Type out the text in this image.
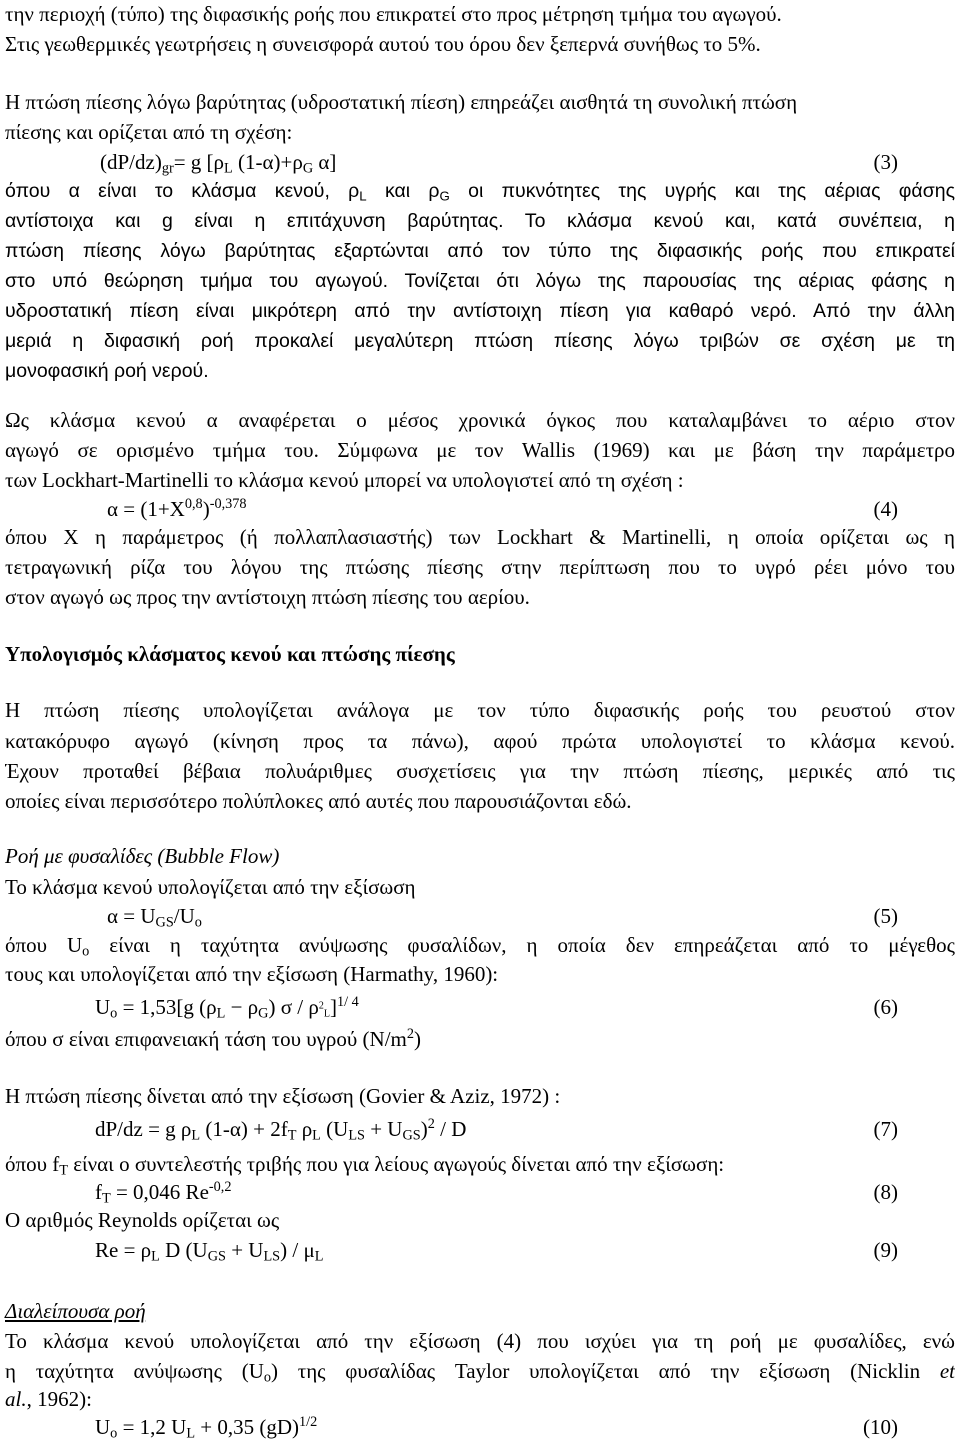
την περιοχή (τύπο) της διφασικής ροής που επικρατεί στο προς μέτρηση τμήμα του αγωγού.
Στις γεωθερμικές γεωτρήσεις η συνεισφορά αυτού του όρου δεν ξεπερνά συνήθως το 5%.
Η πτώση πίεσης λόγω βαρύτητας (υδροστατική πίεση) επηρεάζει αισθητά τη συνολική πτώση
πίεσης και ορίζεται από τη σχέση:
$(dP/dz)_{gr}= g$ [$\rho_L$ $(1-\alpha)+\rho_G$ α]	(3)
όπου α είναι το κλάσμα κενού, $\rho_L$ και $\rho_G$ οι πυκνότητες της υγρής και της αέριας φάσης
αντίστοιχα και g είναι η επιτάχυνση βαρύτητας. Το κλάσμα κενού και, κατά συνέπεια, η
πτώση πίεσης λόγω βαρύτητας εξαρτώνται από τον τύπο της διφασικής ροής που επικρατεί
στο υπό θεώρηση τμήμα του αγωγού. Τονίζεται ότι λόγω της παρουσίας της αέριας φάσης η
υδροστατική πίεση είναι μικρότερη από την αντίστοιχη πίεση για καθαρό νερό. Από την άλλη
μεριά η διφασική ροή προκαλεί μεγαλύτερη πτώση πίεσης λόγω τριβών σε σχέση με τη
μονοφασική ροή νερού.
Ως κλάσμα κενού α αναφέρεται ο μέσος χρονικά όγκος που καταλαμβάνει το αέριο στον
αγωγό σε ορισμένο τμήμα του. Σύμφωνα με τον Wallis (1969) και με βάση την παράμετρο
των Lockhart-Martinelli το κλάσμα κενού μπορεί να υπολογιστεί από τη σχέση :
$\alpha = (1+X^{0,8})^{-0,378}$	(4)
όπου X η παράμετρος (ή πολλαπλασιαστής) των Lockhart & Martinelli, η οποία ορίζεται ως η
τετραγωνική ρίζα του λόγου της πτώσης πίεσης στην περίπτωση που το υγρό ρέει μόνο του
στον αγωγό ως προς την αντίστοιχη πτώση πίεσης του αερίου.
Υπολογισμός κλάσματος κενού και πτώσης πίεσης
Η πτώση πίεσης υπολογίζεται ανάλογα με τον τύπο διφασικής ροής του ρευστού στον
κατακόρυφο αγωγό (κίνηση προς τα πάνω), αφού πρώτα υπολογιστεί το κλάσμα κενού.
Έχουν προταθεί βέβαια πολυάριθμες συσχετίσεις για την πτώση πίεσης, μερικές από τις
οποίες είναι περισσότερο πολύπλοκες από αυτές που παρουσιάζονται εδώ.
Ροή με φυσαλίδες (Bubble Flow)
Το κλάσμα κενού υπολογίζεται από την εξίσωση
$\alpha = U_{GS}/U_o$	(5)
όπου $U_o$ είναι η ταχύτητα ανύψωσης φυσαλίδων, η οποία δεν επηρεάζεται από το μέγεθος
τους και υπολογίζεται από την εξίσωση (Harmathy, 1960):
$U_o = 1,53[g$ $(\rho_L - \rho_G)$ σ / $\rho^2_L]^{1/ 4}$	(6)
όπου σ είναι επιφανειακή τάση του υγρού $(N/m^2)$
Η πτώση πίεσης δίνεται από την εξίσωση (Govier & Aziz, 1972) :
dP/dz = g $\rho_L$ $(1-\alpha) + 2f_T$ $\rho_L$ $(U_{LS} + U_{GS})^2 / D$	(7)
όπου $f_T$ είναι ο συντελεστής τριβής που για λείους αγωγούς δίνεται από την εξίσωση:
$f_T = 0,046$ $Re^{-0,2}$	(8)
Ο αριθμός Reynolds ορίζεται ως
$Re = \rho_L$ D $(U_{GS} + U_{LS}) / \mu_L$	(9)
Διαλείπουσα ροή
Το κλάσμα κενού υπολογίζεται από την εξίσωση (4) που ισχύει για τη ροή με φυσαλίδες, ενώ
η ταχύτητα ανύψωσης $(U_o)$ της φυσαλίδας Taylor υπολογίζεται από την εξίσωση (Nicklin et
al., 1962):
$U_o = 1,2$ $U_L + 0,35$ (gD)$^{1/2}$	(10)
